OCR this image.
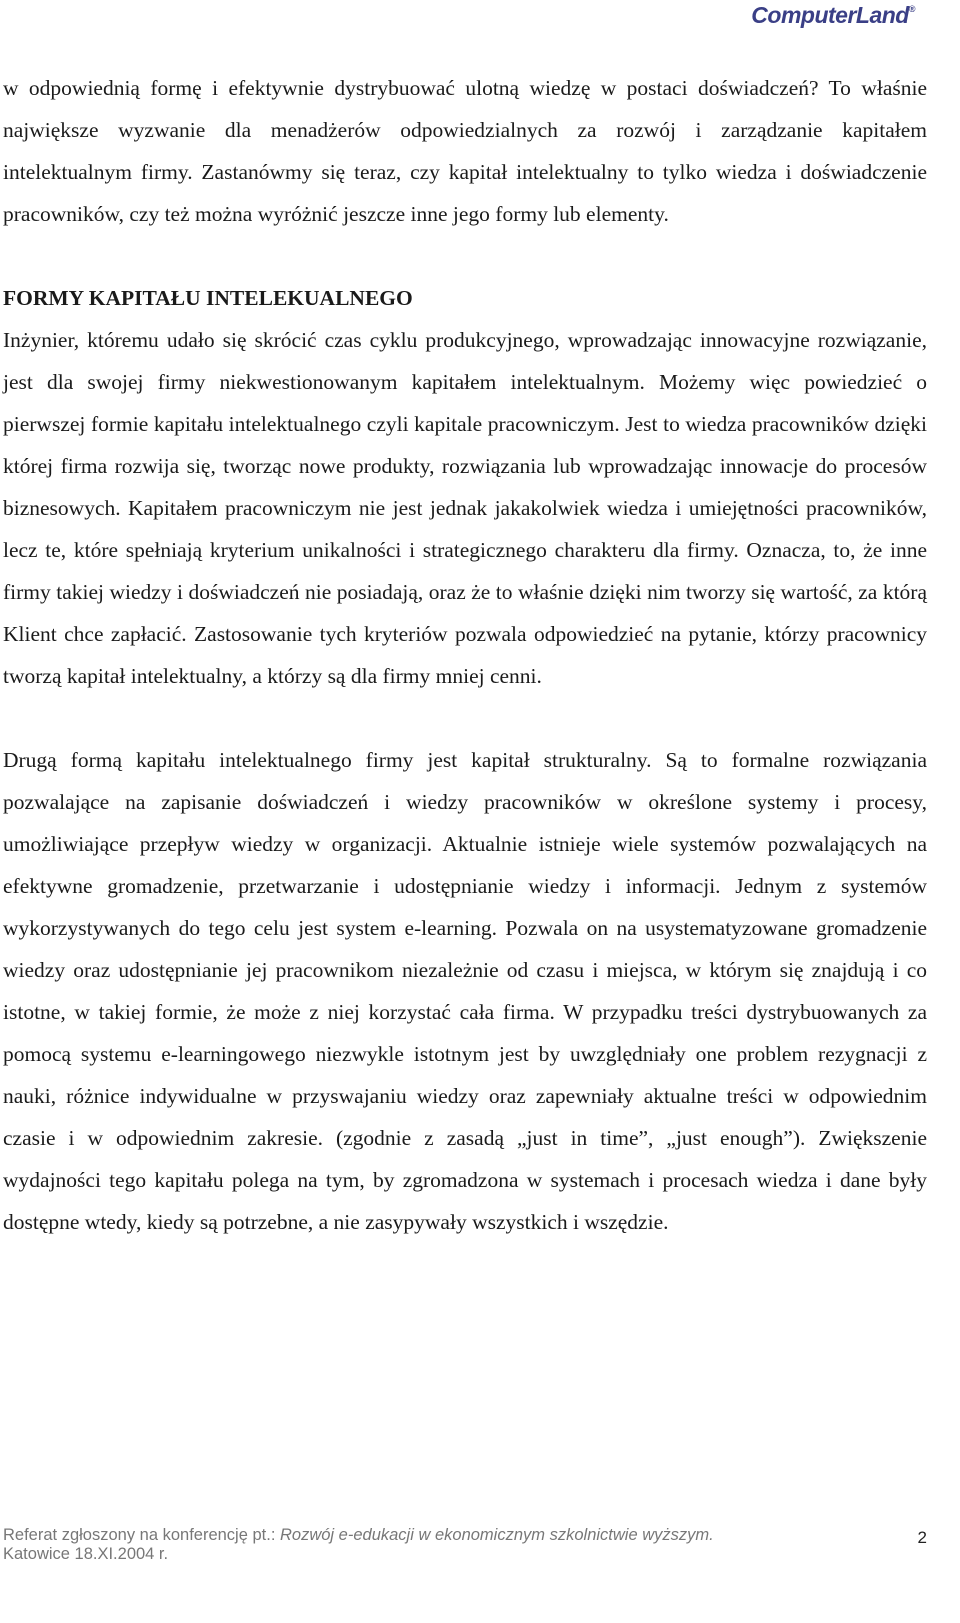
ComputerLand®

w odpowiednią formę i efektywnie dystrybuować ulotną wiedzę w postaci doświadczeń? To właśnie największe wyzwanie dla menadżerów odpowiedzialnych za rozwój i zarządzanie kapitałem intelektualnym firmy. Zastanówmy się teraz, czy kapitał intelektualny to tylko wiedza i doświadczenie pracowników, czy też można wyróżnić jeszcze inne jego formy lub elementy.

FORMY KAPITAŁU INTELEKUALNEGO

Inżynier, któremu udało się skrócić czas cyklu produkcyjnego, wprowadzając innowacyjne rozwiązanie, jest dla swojej firmy niekwestionowanym kapitałem intelektualnym. Możemy więc powiedzieć o pierwszej formie kapitału intelektualnego czyli kapitale pracowniczym. Jest to wiedza pracowników dzięki której firma rozwija się, tworząc nowe produkty, rozwiązania lub wprowadzając innowacje do procesów biznesowych. Kapitałem pracowniczym nie jest jednak jakakolwiek wiedza i umiejętności pracowników, lecz te, które spełniają kryterium unikalności i strategicznego charakteru dla firmy. Oznacza, to, że inne firmy takiej wiedzy i doświadczeń nie posiadają, oraz że to właśnie dzięki nim tworzy się wartość, za którą Klient chce zapłacić. Zastosowanie tych kryteriów pozwala odpowiedzieć na pytanie, którzy pracownicy tworzą kapitał intelektualny, a którzy są dla firmy mniej cenni.

Drugą formą kapitału intelektualnego firmy jest kapitał strukturalny. Są to formalne rozwiązania pozwalające na zapisanie doświadczeń i wiedzy pracowników w określone systemy i procesy, umożliwiające przepływ wiedzy w organizacji. Aktualnie istnieje wiele systemów pozwalających na efektywne gromadzenie, przetwarzanie i udostępnianie wiedzy i informacji. Jednym z systemów wykorzystywanych do tego celu jest system e-learning. Pozwala on na usystematyzowane gromadzenie wiedzy oraz udostępnianie jej pracownikom niezależnie od czasu i miejsca, w którym się znajdują i co istotne, w takiej formie, że może z niej korzystać cała firma. W przypadku treści dystrybuowanych za pomocą systemu e-learningowego niezwykle istotnym jest by uwzględniały one problem rezygnacji z nauki, różnice indywidualne w przyswajaniu wiedzy oraz zapewniały aktualne treści w odpowiednim czasie i w odpowiednim zakresie. (zgodnie z zasadą „just in time”, „just enough”). Zwiększenie wydajności tego kapitału polega na tym, by zgromadzona w systemach i procesach wiedza i dane były dostępne wtedy, kiedy są potrzebne, a nie zasypywały wszystkich i wszędzie.

Referat zgłoszony na konferencję pt.: Rozwój e-edukacji w ekonomicznym szkolnictwie wyższym.
Katowice 18.XI.2004 r.
2
